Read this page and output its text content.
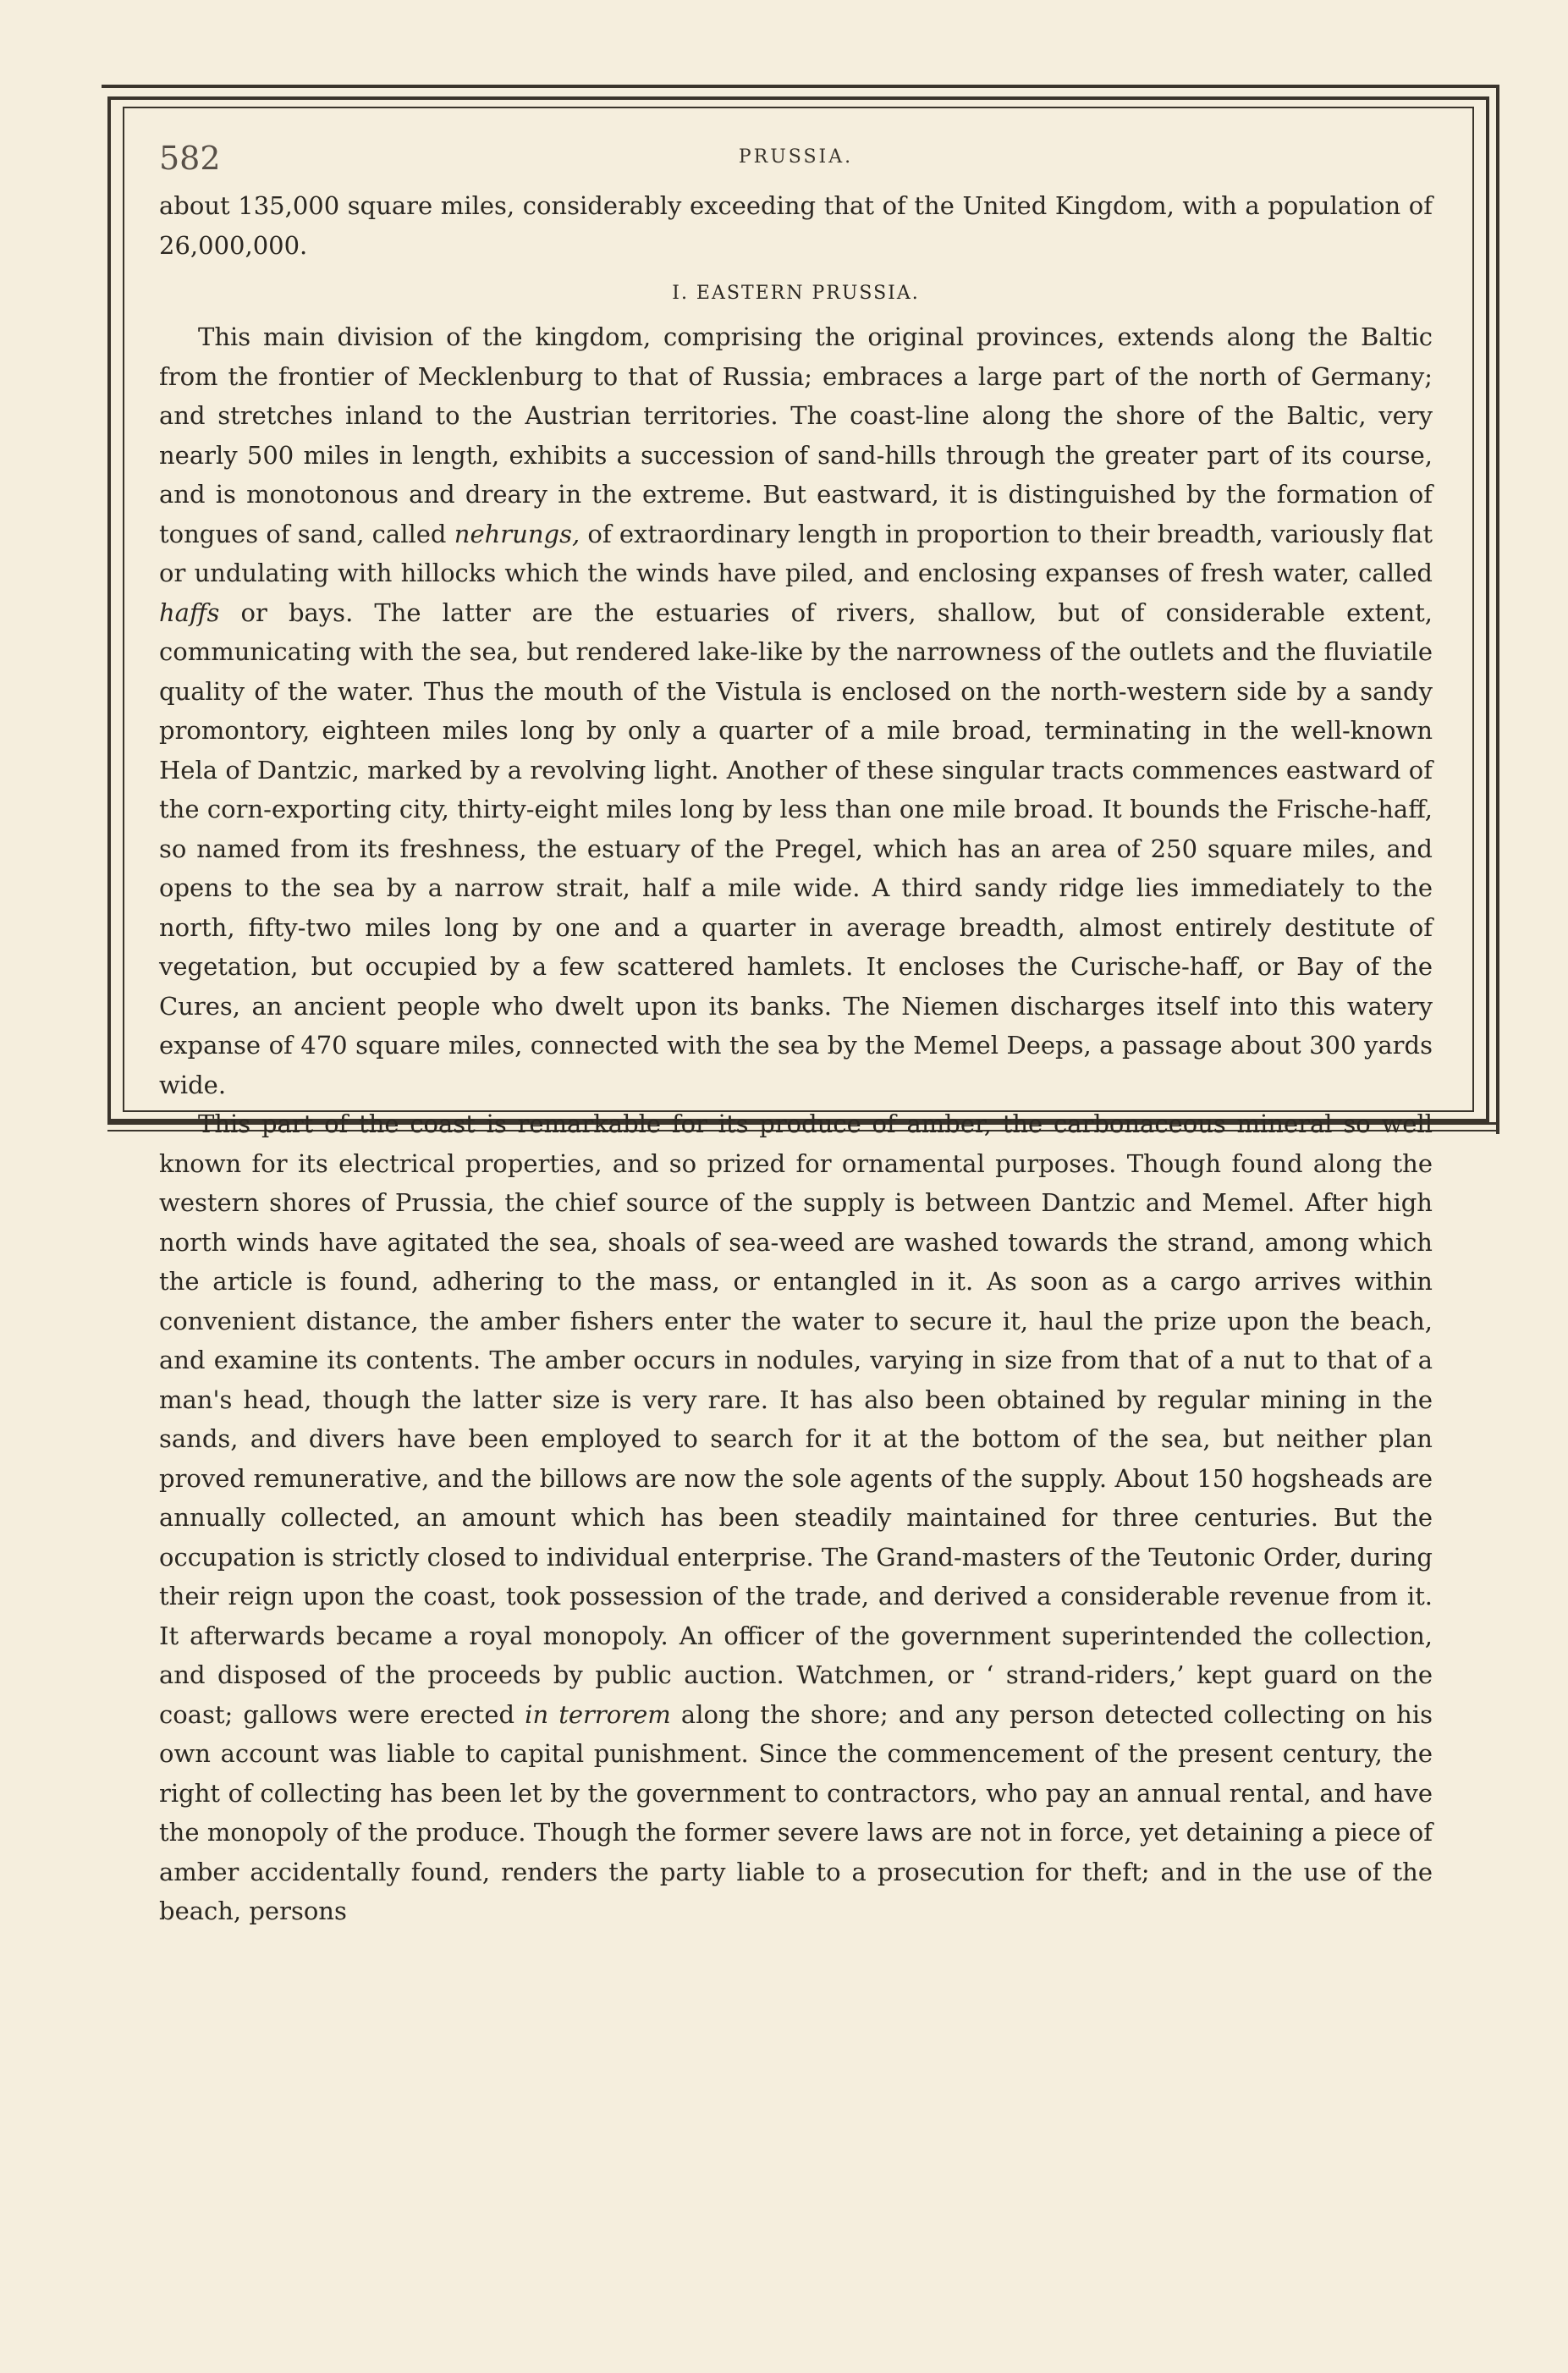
582	PRUSSIA.

about 135,000 square miles, considerably exceeding that of the United Kingdom, with a population of 26,000,000.

I. EASTERN PRUSSIA.

This main division of the kingdom, comprising the original provinces, extends along the Baltic from the frontier of Mecklenburg to that of Russia; embraces a large part of the north of Germany; and stretches inland to the Austrian territories. The coast-line along the shore of the Baltic, very nearly 500 miles in length, exhibits a succession of sand-hills through the greater part of its course, and is monotonous and dreary in the extreme. But eastward, it is distinguished by the formation of tongues of sand, called nehrungs, of extraordinary length in proportion to their breadth, variously flat or undulating with hillocks which the winds have piled, and enclosing expanses of fresh water, called haffs or bays. The latter are the estuaries of rivers, shallow, but of considerable extent, communicating with the sea, but rendered lake-like by the narrowness of the outlets and the fluviatile quality of the water. Thus the mouth of the Vistula is enclosed on the north-western side by a sandy promontory, eighteen miles long by only a quarter of a mile broad, terminating in the well-known Hela of Dantzic, marked by a revolving light. Another of these singular tracts commences eastward of the corn-exporting city, thirty-eight miles long by less than one mile broad. It bounds the Frische-haff, so named from its freshness, the estuary of the Pregel, which has an area of 250 square miles, and opens to the sea by a narrow strait, half a mile wide. A third sandy ridge lies immediately to the north, fifty-two miles long by one and a quarter in average breadth, almost entirely destitute of vegetation, but occupied by a few scattered hamlets. It encloses the Curische-haff, or Bay of the Cures, an ancient people who dwelt upon its banks. The Niemen discharges itself into this watery expanse of 470 square miles, connected with the sea by the Memel Deeps, a passage about 300 yards wide.

This part of the coast is remarkable for its produce of amber, the carbonaceous mineral so well known for its electrical properties, and so prized for ornamental purposes. Though found along the western shores of Prussia, the chief source of the supply is between Dantzic and Memel. After high north winds have agitated the sea, shoals of sea-weed are washed towards the strand, among which the article is found, adhering to the mass, or entangled in it. As soon as a cargo arrives within convenient distance, the amber fishers enter the water to secure it, haul the prize upon the beach, and examine its contents. The amber occurs in nodules, varying in size from that of a nut to that of a man's head, though the latter size is very rare. It has also been obtained by regular mining in the sands, and divers have been employed to search for it at the bottom of the sea, but neither plan proved remunerative, and the billows are now the sole agents of the supply. About 150 hogsheads are annually collected, an amount which has been steadily maintained for three centuries. But the occupation is strictly closed to individual enterprise. The Grand-masters of the Teutonic Order, during their reign upon the coast, took possession of the trade, and derived a considerable revenue from it. It afterwards became a royal monopoly. An officer of the government superintended the collection, and disposed of the proceeds by public auction. Watchmen, or ‘ strand-riders,’ kept guard on the coast; gallows were erected in terrorem along the shore; and any person detected collecting on his own account was liable to capital punishment. Since the commencement of the present century, the right of collecting has been let by the government to contractors, who pay an annual rental, and have the monopoly of the produce. Though the former severe laws are not in force, yet detaining a piece of amber accidentally found, renders the party liable to a prosecution for theft; and in the use of the beach, persons
